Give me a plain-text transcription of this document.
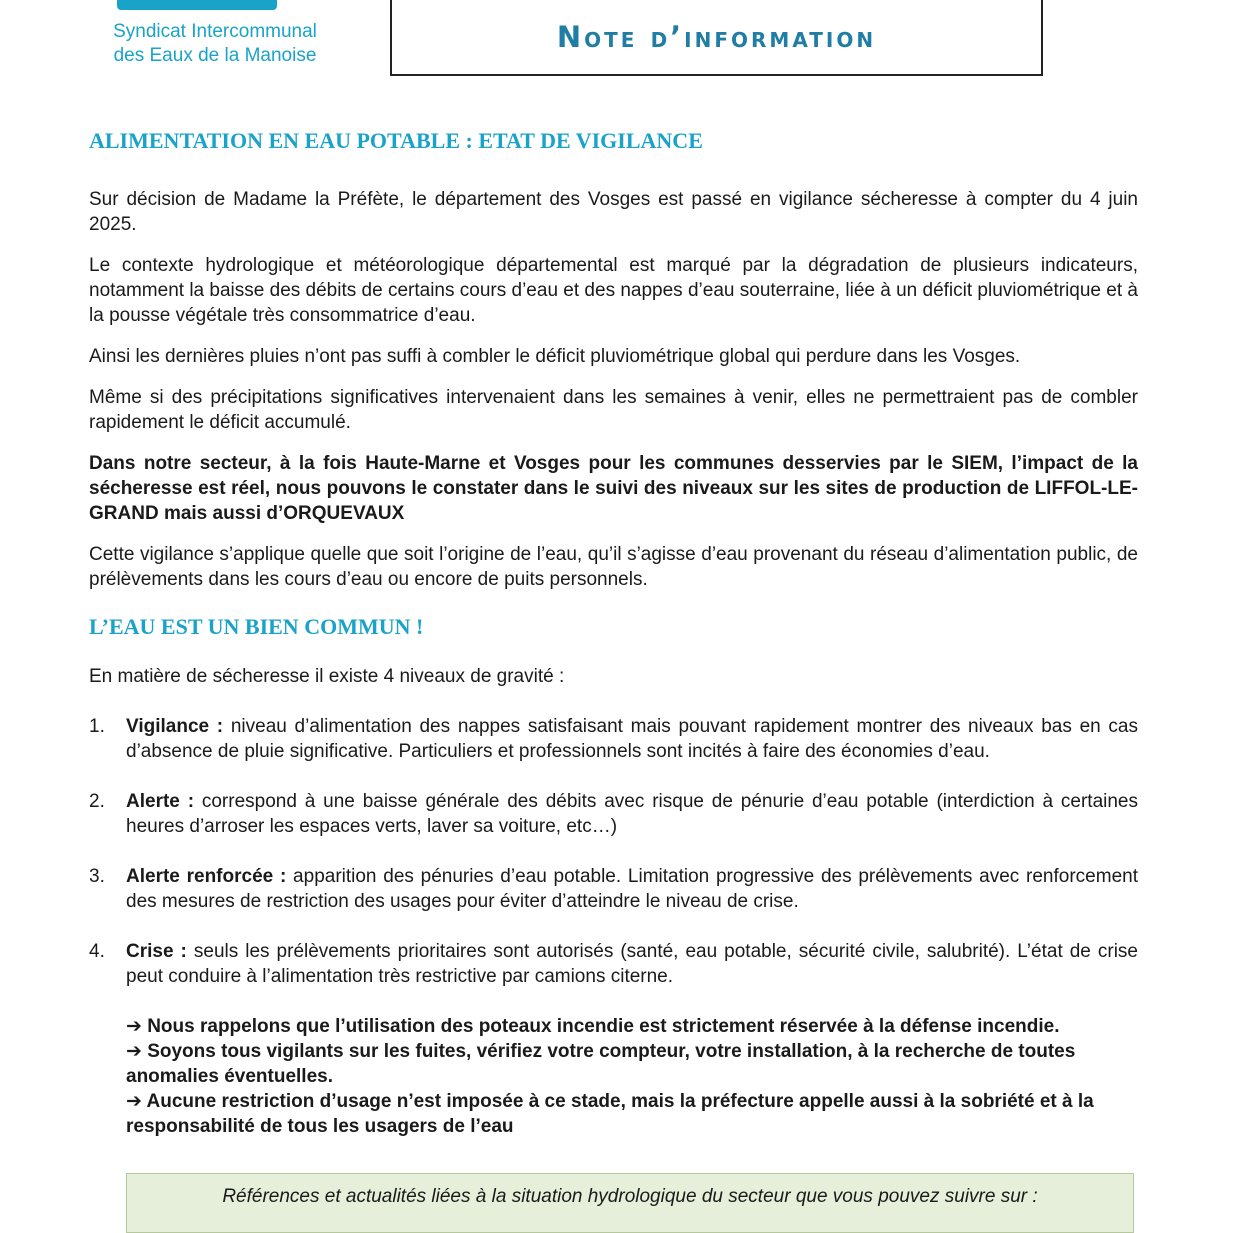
Syndicat Intercommunal
des Eaux de la Manoise
Note d’information
ALIMENTATION EN EAU POTABLE : ETAT DE VIGILANCE

Sur décision de Madame la Préfète, le département des Vosges est passé en vigilance sécheresse à compter du 4 juin 2025.

Le contexte hydrologique et météorologique départemental est marqué par la dégradation de plusieurs indicateurs, notamment la baisse des débits de certains cours d’eau et des nappes d’eau souterraine, liée à un déficit pluviométrique et à la pousse végétale très consommatrice d’eau.

Ainsi les dernières pluies n’ont pas suffi à combler le déficit pluviométrique global qui perdure dans les Vosges.

Même si des précipitations significatives intervenaient dans les semaines à venir, elles ne permettraient pas de combler rapidement le déficit accumulé.

Dans notre secteur, à la fois Haute-Marne et Vosges pour les communes desservies par le SIEM, l’impact de la sécheresse est réel, nous pouvons le constater dans le suivi des niveaux sur les sites de production de LIFFOL-LE-GRAND mais aussi d’ORQUEVAUX

Cette vigilance s’applique quelle que soit l’origine de l’eau, qu’il s’agisse d’eau provenant du réseau d’alimentation public, de prélèvements dans les cours d’eau ou encore de puits personnels.

L’EAU EST UN BIEN COMMUN !

En matière de sécheresse il existe 4 niveaux de gravité :

1. Vigilance : niveau d’alimentation des nappes satisfaisant mais pouvant rapidement montrer des niveaux bas en cas d’absence de pluie significative. Particuliers et professionnels sont incités à faire des économies d’eau.
2. Alerte : correspond à une baisse générale des débits avec risque de pénurie d’eau potable (interdiction à certaines heures d’arroser les espaces verts, laver sa voiture, etc…)
3. Alerte renforcée : apparition des pénuries d’eau potable. Limitation progressive des prélèvements avec renforcement des mesures de restriction des usages pour éviter d’atteindre le niveau de crise.
4. Crise : seuls les prélèvements prioritaires sont autorisés (santé, eau potable, sécurité civile, salubrité). L’état de crise peut conduire à l’alimentation très restrictive par camions citerne.
➔ Nous rappelons que l’utilisation des poteaux incendie est strictement réservée à la défense incendie.
➔ Soyons tous vigilants sur les fuites, vérifiez votre compteur, votre installation, à la recherche de toutes anomalies éventuelles.
➔ Aucune restriction d’usage n’est imposée à ce stade, mais la préfecture appelle aussi à la sobriété et à la responsabilité de tous les usagers de l’eau
Références et actualités liées à la situation hydrologique du secteur que vous pouvez suivre sur :
